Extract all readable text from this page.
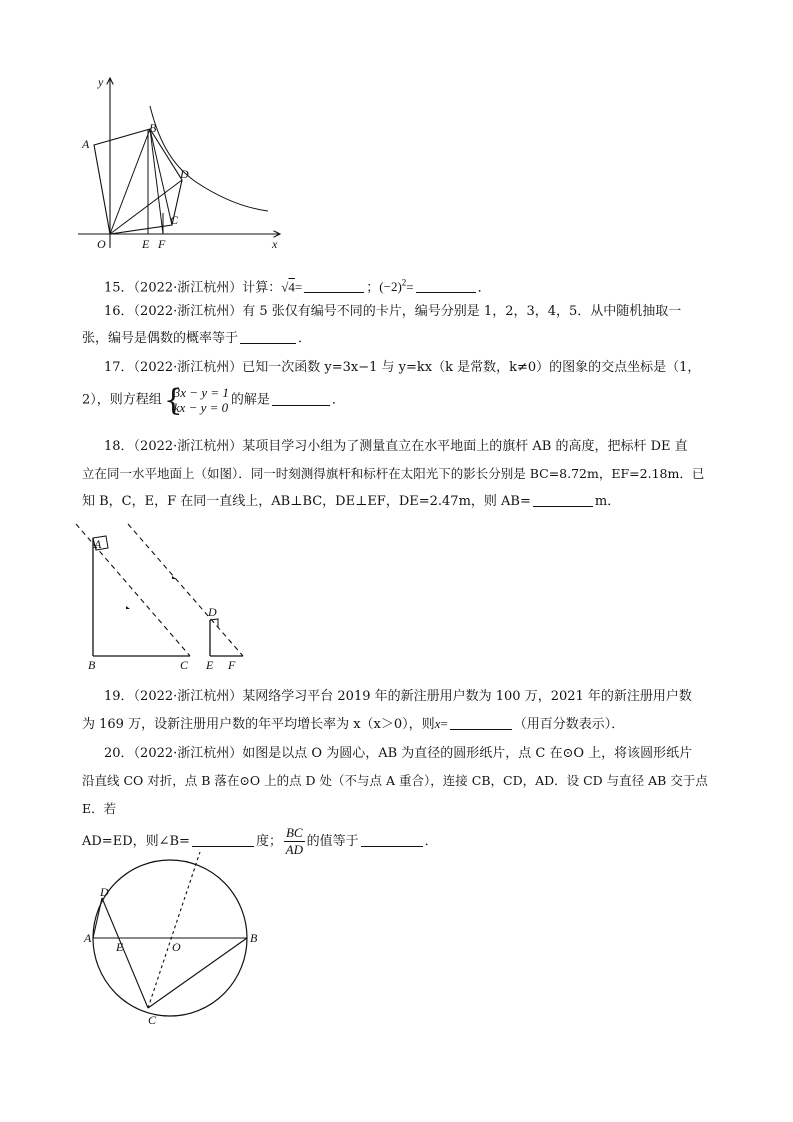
y
x
A
B
D
C
O	E F
15．（2022·浙江杭州）计算：√4=	；$(-2)^2=$	．
16．（2022·浙江杭州）有 5 张仅有编号不同的卡片，编号分别是 1，2，3，4，5．从中随机抽取一
张，编号是偶数的概率等于	．
17．（2022·浙江杭州）已知一次函数 y=3x−1 与 y=kx（k 是常数，k≠0）的图象的交点坐标是（1，
2），则方程组 {
3x − y = 1
kx − y = 0 的解是	．
18．（2022·浙江杭州）某项目学习小组为了测量直立在水平地面上的旗杆 AB 的高度，把标杆 DE 直
立在同一水平地面上（如图）．同一时刻测得旗杆和标杆在太阳光下的影长分别是 BC=8.72m，EF=2.18m．已
知 B，C，E，F 在同一直线上，AB⊥BC，DE⊥EF，DE=2.47m，则 AB=	m．
A
B	C
D
E F
19．（2022·浙江杭州）某网络学习平台 2019 年的新注册用户数为 100 万，2021 年的新注册用户数
为 169 万，设新注册用户数的年平均增长率为 x（x＞0），则x=	（用百分数表示）．
20．（2022·浙江杭州）如图是以点 O 为圆心，AB 为直径的圆形纸片，点 C 在⊙O 上，将该圆形纸片
沿直线 CO 对折，点 B 落在⊙O 上的点 D 处（不与点 A 重合），连接 CB，CD，AD．设 CD 与直径 AB 交于点 E．若
AD=ED，则∠B=	度； $\frac{BC}{AD}$ 的值等于	．
D
A
E	O
B
C
